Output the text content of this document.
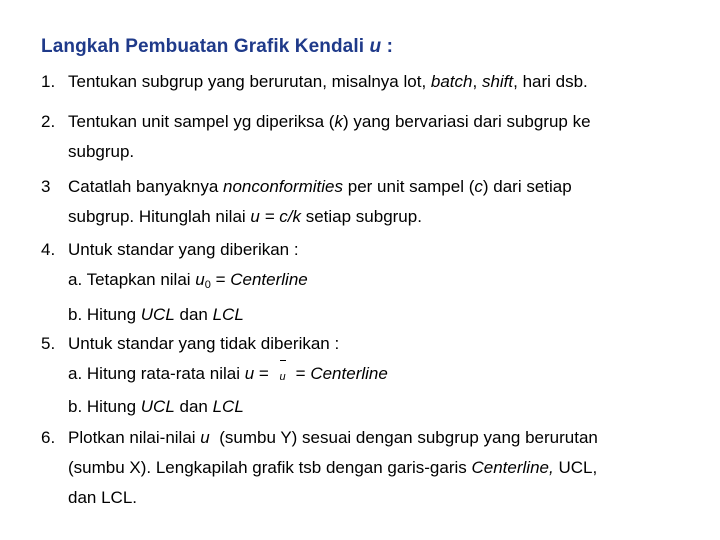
Langkah Pembuatan Grafik Kendali u :
1. Tentukan subgrup yang berurutan, misalnya lot, batch, shift, hari dsb.
2. Tentukan unit sampel yg diperiksa (k) yang bervariasi dari subgrup ke
subgrup.
3 Catatlah banyaknya nonconformities per unit sampel (c) dari setiap
subgrup. Hitunglah nilai u = c/k setiap subgrup.
4. Untuk standar yang diberikan :
a. Tetapkan nilai $u_0$ = Centerline
b. Hitung UCL dan LCL
5. Untuk standar yang tidak diberikan :
a. Hitung rata-rata nilai u = u = Centerline
b. Hitung UCL dan LCL
6. Plotkan nilai-nilai u  (sumbu Y) sesuai dengan subgrup yang berurutan
(sumbu X). Lengkapilah grafik tsb dengan garis-garis Centerline, UCL,
dan LCL.
